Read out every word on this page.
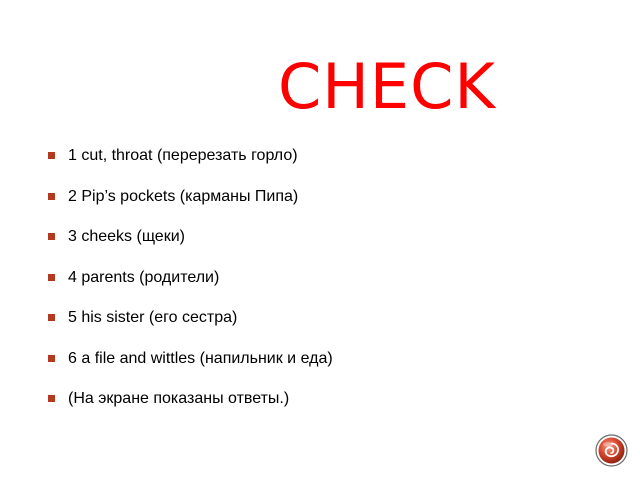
CHECK
1 cut, throat (перерезать горло)
2 Pip’s pockets (карманы Пипа)
3 cheeks (щеки)
4 parents (родители)
5 his sister (его сестра)
6 a file and wittles (напильник и еда)
(На экране показаны ответы.)
